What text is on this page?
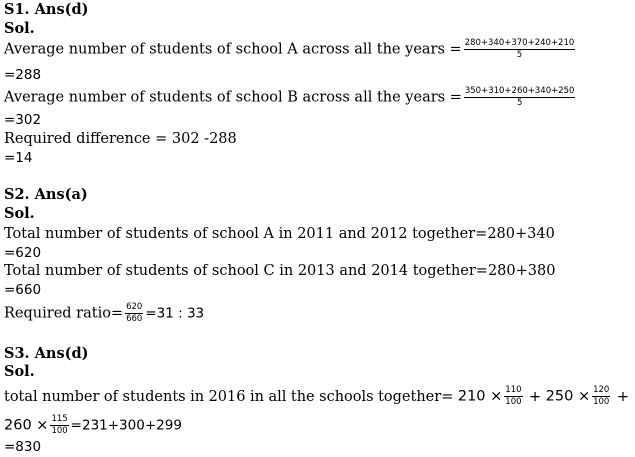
S1. Ans(d)
Sol.
Average number of students of school A across all the years = $\frac{280+340+370+240+210}{5}$
=288
Average number of students of school B across all the years = $\frac{350+310+260+340+250}{5}$
=302
Required difference = 302 -288
=14
S2. Ans(a)
Sol.
Total number of students of school A in 2011 and 2012 together=280+340
=620
Total number of students of school C in 2013 and 2014 together=280+380
=660
Required ratio= $\frac{620}{660} =31$ : 33
S3. Ans(d)
Sol.
total number of students in 2016 in all the schools together= $210 \times \frac{110}{100} + 250 \times \frac{120}{100}$ +
$260 \times \frac{115}{100} =231+300+299$
=830
